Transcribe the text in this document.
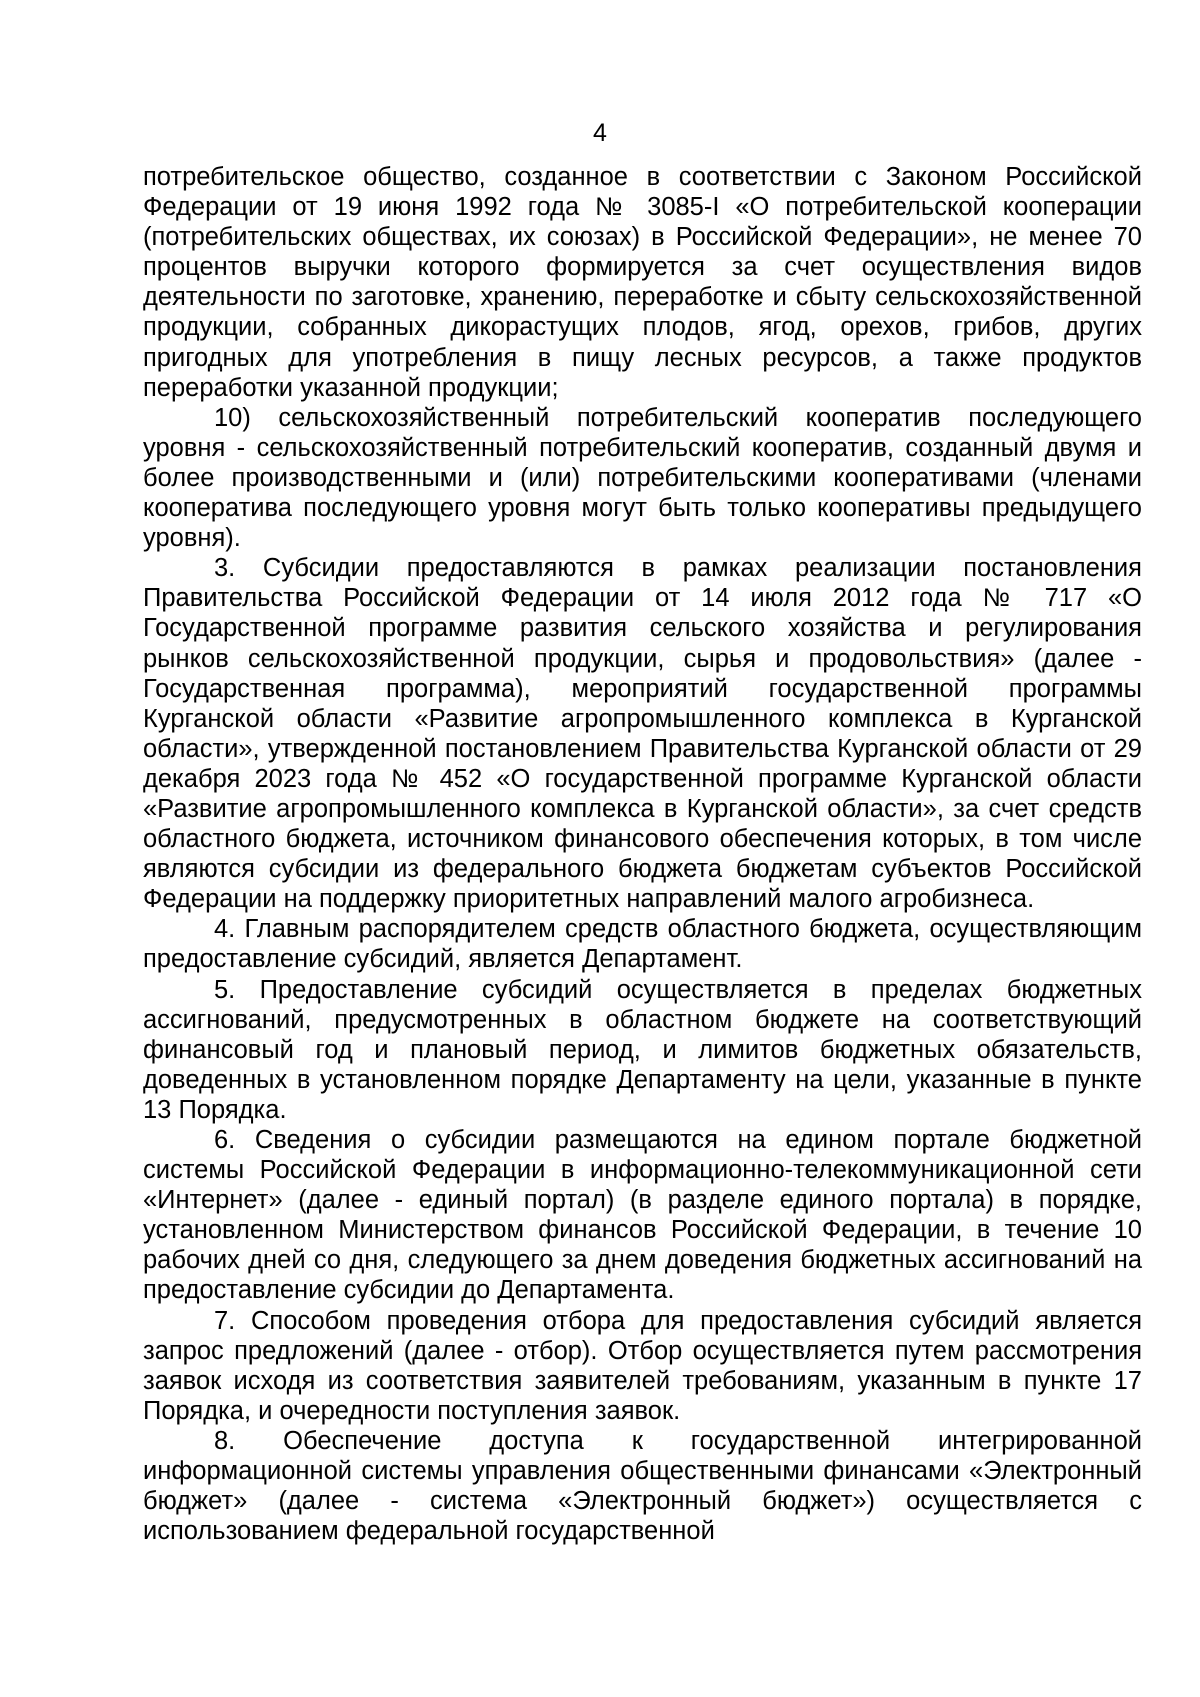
4

потребительское общество, созданное в соответствии с Законом Российской Федерации от 19 июня 1992 года № 3085-I «О потребительской кооперации (потребительских обществах, их союзах) в Российской Федерации», не менее 70 процентов выручки которого формируется за счет осуществления видов деятельности по заготовке, хранению, переработке и сбыту сельскохозяйственной продукции, собранных дикорастущих плодов, ягод, орехов, грибов, других пригодных для употребления в пищу лесных ресурсов, а также продуктов переработки указанной продукции;

10) сельскохозяйственный потребительский кооператив последующего уровня - сельскохозяйственный потребительский кооператив, созданный двумя и более производственными и (или) потребительскими кооперативами (членами кооператива последующего уровня могут быть только кооперативы предыдущего уровня).

3. Субсидии предоставляются в рамках реализации постановления Правительства Российской Федерации от 14 июля 2012 года № 717 «О Государственной программе развития сельского хозяйства и регулирования рынков сельскохозяйственной продукции, сырья и продовольствия» (далее - Государственная программа), мероприятий государственной программы Курганской области «Развитие агропромышленного комплекса в Курганской области», утвержденной постановлением Правительства Курганской области от 29 декабря 2023 года № 452 «О государственной программе Курганской области «Развитие агропромышленного комплекса в Курганской области», за счет средств областного бюджета, источником финансового обеспечения которых, в том числе являются субсидии из федерального бюджета бюджетам субъектов Российской Федерации на поддержку приоритетных направлений малого агробизнеса.

4. Главным распорядителем средств областного бюджета, осуществляющим предоставление субсидий, является Департамент.

5. Предоставление субсидий осуществляется в пределах бюджетных ассигнований, предусмотренных в областном бюджете на соответствующий финансовый год и плановый период, и лимитов бюджетных обязательств, доведенных в установленном порядке Департаменту на цели, указанные в пункте 13 Порядка.

6. Сведения о субсидии размещаются на едином портале бюджетной системы Российской Федерации в информационно-телекоммуникационной сети «Интернет» (далее - единый портал) (в разделе единого портала) в порядке, установленном Министерством финансов Российской Федерации, в течение 10 рабочих дней со дня, следующего за днем доведения бюджетных ассигнований на предоставление субсидии до Департамента.

7. Способом проведения отбора для предоставления субсидий является запрос предложений (далее - отбор). Отбор осуществляется путем рассмотрения заявок исходя из соответствия заявителей требованиям, указанным в пункте 17 Порядка, и очередности поступления заявок.

8. Обеспечение доступа к государственной интегрированной информационной системы управления общественными финансами «Электронный бюджет» (далее - система «Электронный бюджет») осуществляется с использованием федеральной государственной
